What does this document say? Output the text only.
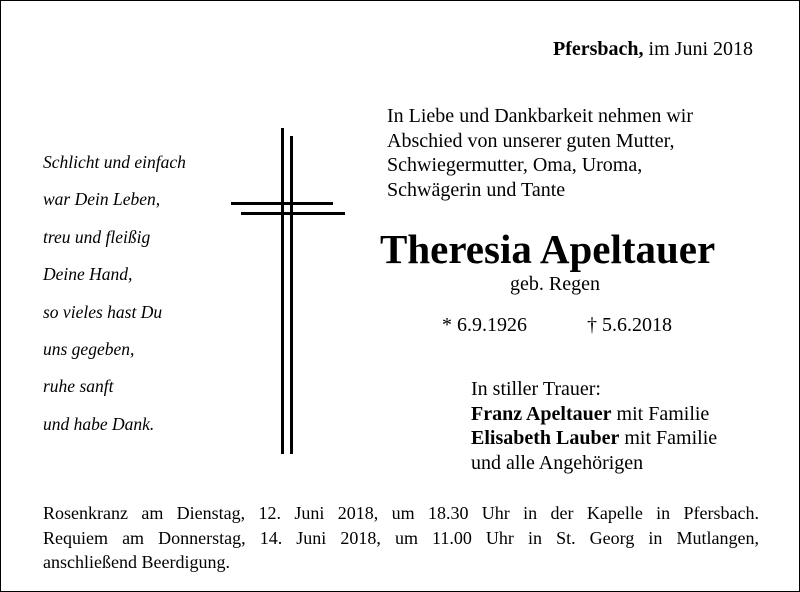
Pfersbach, im Juni 2018
In Liebe und Dankbarkeit nehmen wir
Abschied von unserer guten Mutter,
Schwiegermutter, Oma, Uroma,
Schwägerin und Tante
Schlicht und einfach
war Dein Leben,
treu und fleißig
Deine Hand,
so vieles hast Du
uns gegeben,
ruhe sanft
und habe Dank.
Theresia Apeltauer
geb. Regen
* 6.9.1926	† 5.6.2018
In stiller Trauer:
Franz Apeltauer mit Familie
Elisabeth Lauber mit Familie
und alle Angehörigen
Rosenkranz am Dienstag, 12. Juni 2018, um 18.30 Uhr in der Kapelle in Pfersbach.
Requiem am Donnerstag, 14. Juni 2018, um 11.00 Uhr in St. Georg in Mutlangen,
anschließend Beerdigung.
